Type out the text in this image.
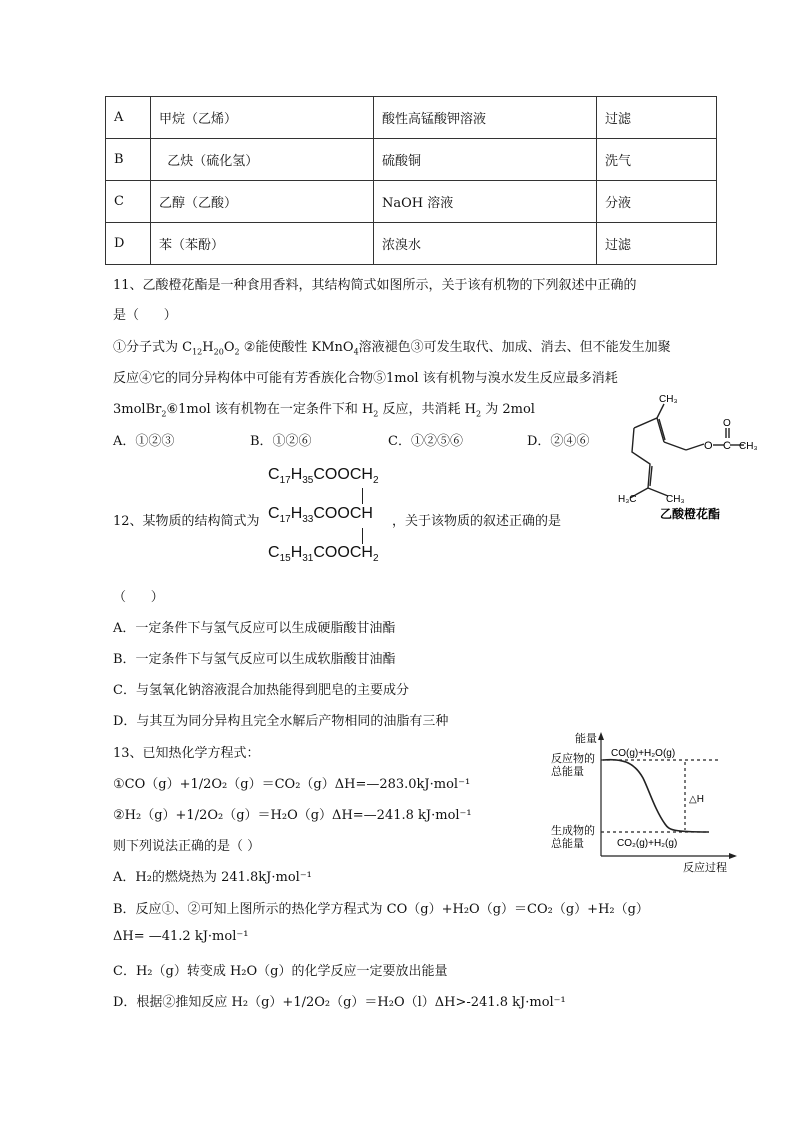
A	甲烷（乙烯）	酸性高锰酸钾溶液	过滤
B	乙炔（硫化氢）	硫酸铜	洗气
C	乙醇（乙酸）	NaOH 溶液	分液
D	苯（苯酚）	浓溴水	过滤
11、乙酸橙花酯是一种食用香料，其结构简式如图所示，关于该有机物的下列叙述中正确的
是（      ）
①分子式为 $C_{12}H_{20}O_2$ ②能使酸性 KMnO$_4$溶液褪色③可发生取代、加成、消去、但不能发生加聚
反应④它的同分异构体中可能有芳香族化合物⑤1mol 该有机物与溴水发生反应最多消耗
3molBr$_2$⑥1mol 该有机物在一定条件下和 $H_2$ 反应，共消耗 $H_2$ 为 2mol
A．①②③	B．①②⑥	C．①②⑤⑥	D．②④⑥
CH₃
O
O
C CH₃
H₃C	CH₃
乙酸橙花酯
$C_{17}H_{35}COOCH_2$
12、某物质的结构简式为 $C_{17}H_{33}COOCH$ ，关于该物质的叙述正确的是
$C_{15}H_{31}COOCH_2$
（      ）
A．一定条件下与氢气反应可以生成硬脂酸甘油酯
B．一定条件下与氢气反应可以生成软脂酸甘油酯
C．与氢氧化钠溶液混合加热能得到肥皂的主要成分
D．与其互为同分异构且完全水解后产物相同的油脂有三种
13、已知热化学方程式：
①CO（g）+1/2O₂（g）＝CO₂（g）ΔH=—283.0kJ·mol⁻¹
②H₂（g）+1/2O₂（g）＝H₂O（g）ΔH=—241.8 kJ·mol⁻¹
则下列说法正确的是（ ）
A．H₂的燃烧热为 241.8kJ·mol⁻¹
B．反应①、②可知上图所示的热化学方程式为 CO（g）+H₂O（g）＝CO₂（g）+H₂（g）
ΔH= —41.2 kJ·mol⁻¹
C．H₂（g）转变成 H₂O（g）的化学反应一定要放出能量
D．根据②推知反应 H₂（g）+1/2O₂（g）＝H₂O（l）ΔH>-241.8 kJ·mol⁻¹
能量
反应物的
总能量
生成物的
总能量
CO(g)+H₂O(g)
CO₂(g)+H₂(g)
△H
反应过程
